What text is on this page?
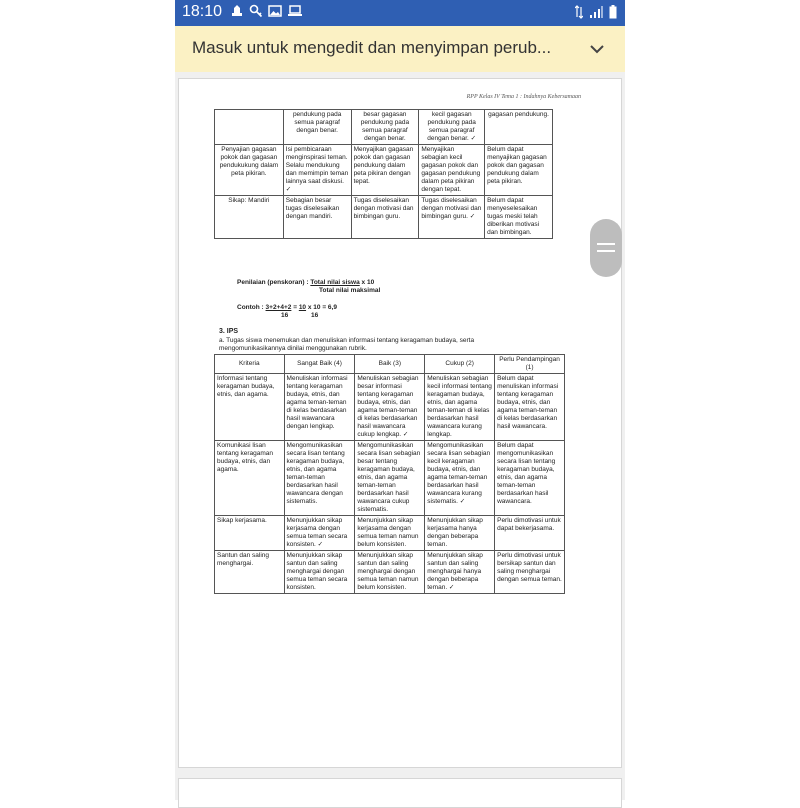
18:10
Masuk untuk mengedit dan menyimpan perub...
RPP Kelas IV Tema 1 : Indahnya Kebersamaan
	pendukung pada semua paragraf dengan benar.	besar gagasan pendukung pada semua paragraf dengan benar.	kecil gagasan pendukung pada semua paragraf dengan benar. ✓	gagasan pendukung.
Penyajian gagasan pokok dan gagasan pendukukung dalam peta pikiran.	Isi pembicaraan menginspirasi teman. Selalu mendukung dan memimpin teman lainnya saat diskusi. ✓	Menyajikan gagasan pokok dan gagasan pendukung dalam peta pikiran dengan tepat.	Menyajikan sebagian kecil gagasan pokok dan gagasan pendukung dalam peta pikiran dengan tepat.	Belum dapat menyajikan gagasan pokok dan gagasan pendukung dalam peta pikiran.
Sikap: Mandiri	Sebagian besar tugas diselesaikan dengan mandiri.	Tugas diselesaikan dengan motivasi dan bimbingan guru.	Tugas diselesaikan dengan motivasi dan bimbingan guru. ✓	Belum dapat menyeselesaikan tugas meski telah diberikan motivasi dan bimbingan.
Penilaian (penskoran) : Total nilai siswa x 10
Total nilai maksimal
Contoh : 3+2+4+2 = 10 x 10 = 6,9
16	16
3. IPS
a. Tugas siswa menemukan dan menuliskan informasi tentang keragaman budaya, serta mengomunikasikannya dinilai menggunakan rubrik.
Kriteria	Sangat Baik (4)	Baik (3)	Cukup (2)	Perlu Pendampingan (1)
Informasi tentang keragaman budaya, etnis, dan agama.	Menuliskan informasi tentang keragaman budaya, etnis, dan agama teman-teman di kelas berdasarkan hasil wawancara dengan lengkap.	Menuliskan sebagian besar informasi tentang keragaman budaya, etnis, dan agama teman-teman di kelas berdasarkan hasil wawancara cukup lengkap. ✓	Menuliskan sebagian kecil informasi tentang keragaman budaya, etnis, dan agama teman-teman di kelas berdasarkan hasil wawancara kurang lengkap.	Belum dapat menuliskan informasi tentang keragaman budaya, etnis, dan agama teman-teman di kelas berdasarkan hasil wawancara.
Komunikasi lisan tentang keragaman budaya, etnis, dan agama.	Mengomunikasikan secara lisan tentang keragaman budaya, etnis, dan agama teman-teman berdasarkan hasil wawancara dengan sistematis.	Mengomunikasikan secara lisan sebagian besar tentang keragaman budaya, etnis, dan agama teman-teman berdasarkan hasil wawancara cukup sistematis.	Mengomunikasikan secara lisan sebagian kecil keragaman budaya, etnis, dan agama teman-teman berdasarkan hasil wawancara kurang sistematis. ✓	Belum dapat mengomunikasikan secara lisan tentang keragaman budaya, etnis, dan agama teman-teman berdasarkan hasil wawancara.
Sikap kerjasama.	Menunjukkan sikap kerjasama dengan semua teman secara konsisten. ✓	Menunjukkan sikap kerjasama dengan semua teman namun belum konsisten.	Menunjukkan sikap kerjasama hanya dengan beberapa teman.	Perlu dimotivasi untuk dapat bekerjasama.
Santun dan saling menghargai.	Menunjukkan sikap santun dan saling menghargai dengan semua teman secara konsisten.	Menunjukkan sikap santun dan saling menghargai dengan semua teman namun belum konsisten.	Menunjukkan sikap santun dan saling menghargai hanya dengan beberapa teman. ✓	Perlu dimotivasi untuk bersikap santun dan saling menghargai dengan semua teman.
